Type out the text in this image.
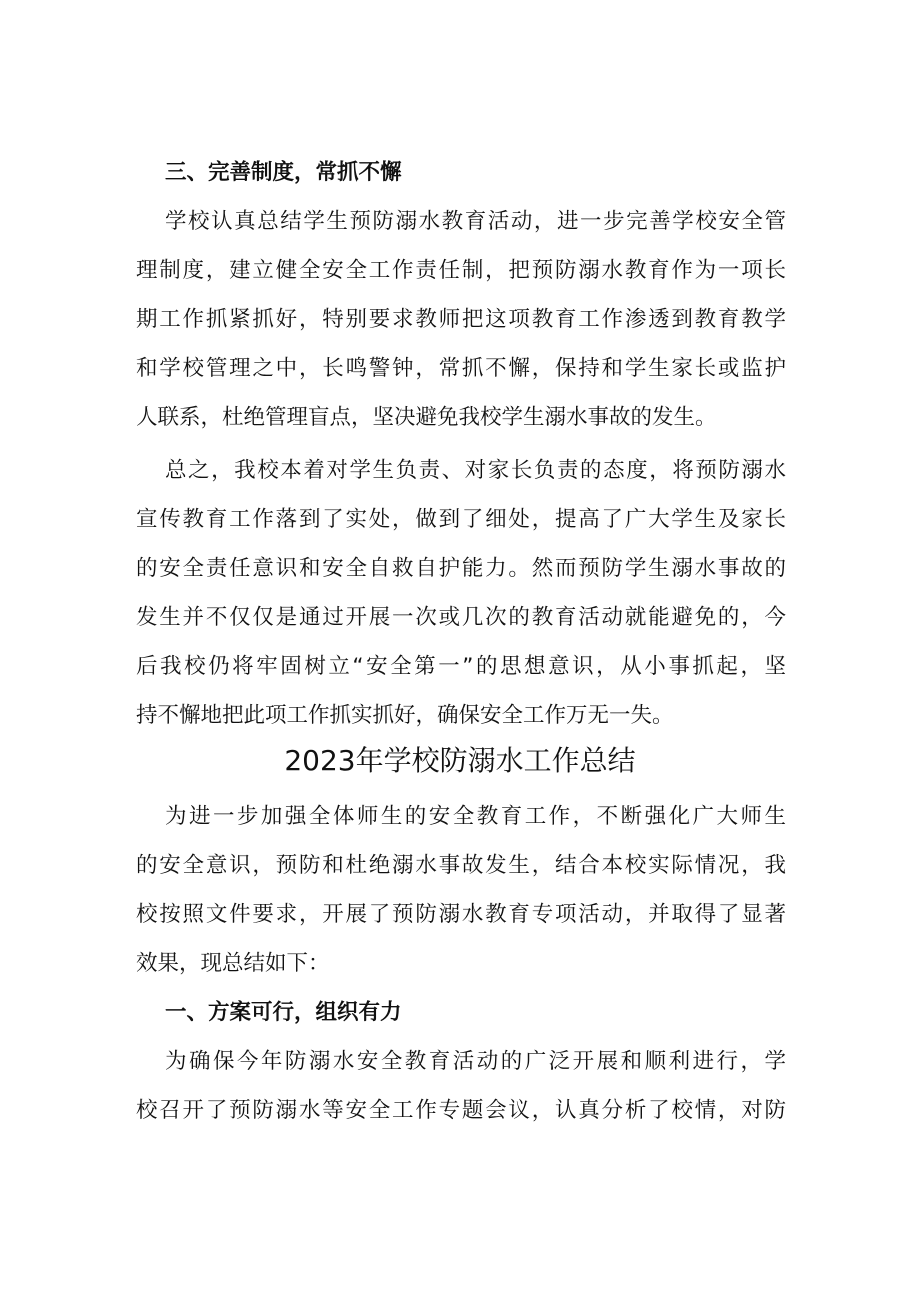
三、完善制度，常抓不懈
学校认真总结学生预防溺水教育活动，进一步完善学校安全管
理制度，建立健全安全工作责任制，把预防溺水教育作为一项长
期工作抓紧抓好，特别要求教师把这项教育工作渗透到教育教学
和学校管理之中，长鸣警钟，常抓不懈，保持和学生家长或监护
人联系，杜绝管理盲点，坚决避免我校学生溺水事故的发生。
总之，我校本着对学生负责、对家长负责的态度，将预防溺水
宣传教育工作落到了实处，做到了细处，提高了广大学生及家长
的安全责任意识和安全自救自护能力。然而预防学生溺水事故的
发生并不仅仅是通过开展一次或几次的教育活动就能避免的，今
后我校仍将牢固树立“安全第一”的思想意识，从小事抓起，坚
持不懈地把此项工作抓实抓好，确保安全工作万无一失。
2023年学校防溺水工作总结
为进一步加强全体师生的安全教育工作，不断强化广大师生
的安全意识，预防和杜绝溺水事故发生，结合本校实际情况，我
校按照文件要求，开展了预防溺水教育专项活动，并取得了显著
效果，现总结如下：
一、方案可行，组织有力
为确保今年防溺水安全教育活动的广泛开展和顺利进行，学
校召开了预防溺水等安全工作专题会议，认真分析了校情，对防
